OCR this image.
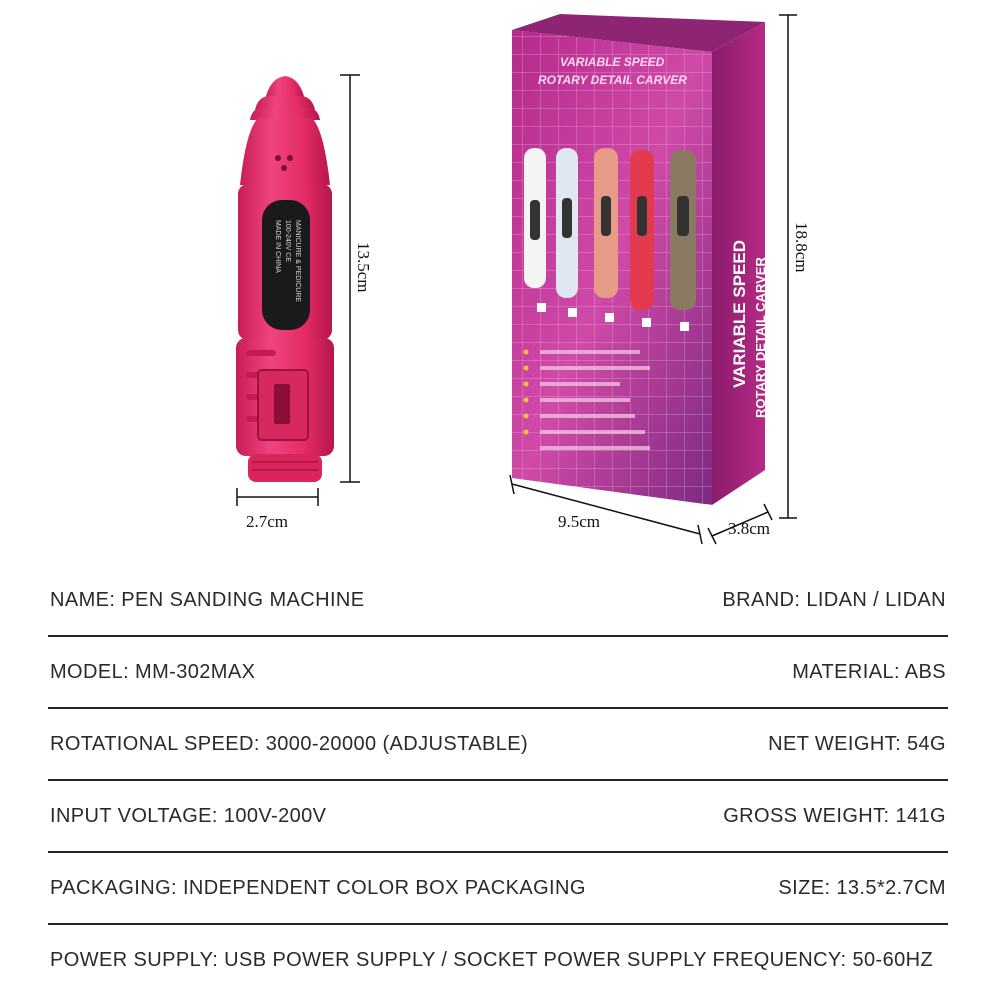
MANICURE & PEDICURE
100-240V CE
MADE IN CHINA	13.5cm
2.7cm
VARIABLE SPEED
ROTARY DETAIL CARVER
VARIABLE SPEED ROTARY DETAIL CARVER
18.8cm
9.5cm	3.8cm
NAME: PEN SANDING MACHINE	BRAND: LIDAN / LIDAN
MODEL: MM-302MAX	MATERIAL: ABS
ROTATIONAL SPEED: 3000-20000 (ADJUSTABLE)	NET WEIGHT: 54G
INPUT VOLTAGE: 100V-200V	GROSS WEIGHT: 141G
PACKAGING: INDEPENDENT COLOR BOX PACKAGING	SIZE: 13.5*2.7CM
POWER SUPPLY: USB POWER SUPPLY / SOCKET POWER SUPPLY FREQUENCY: 50-60HZ
